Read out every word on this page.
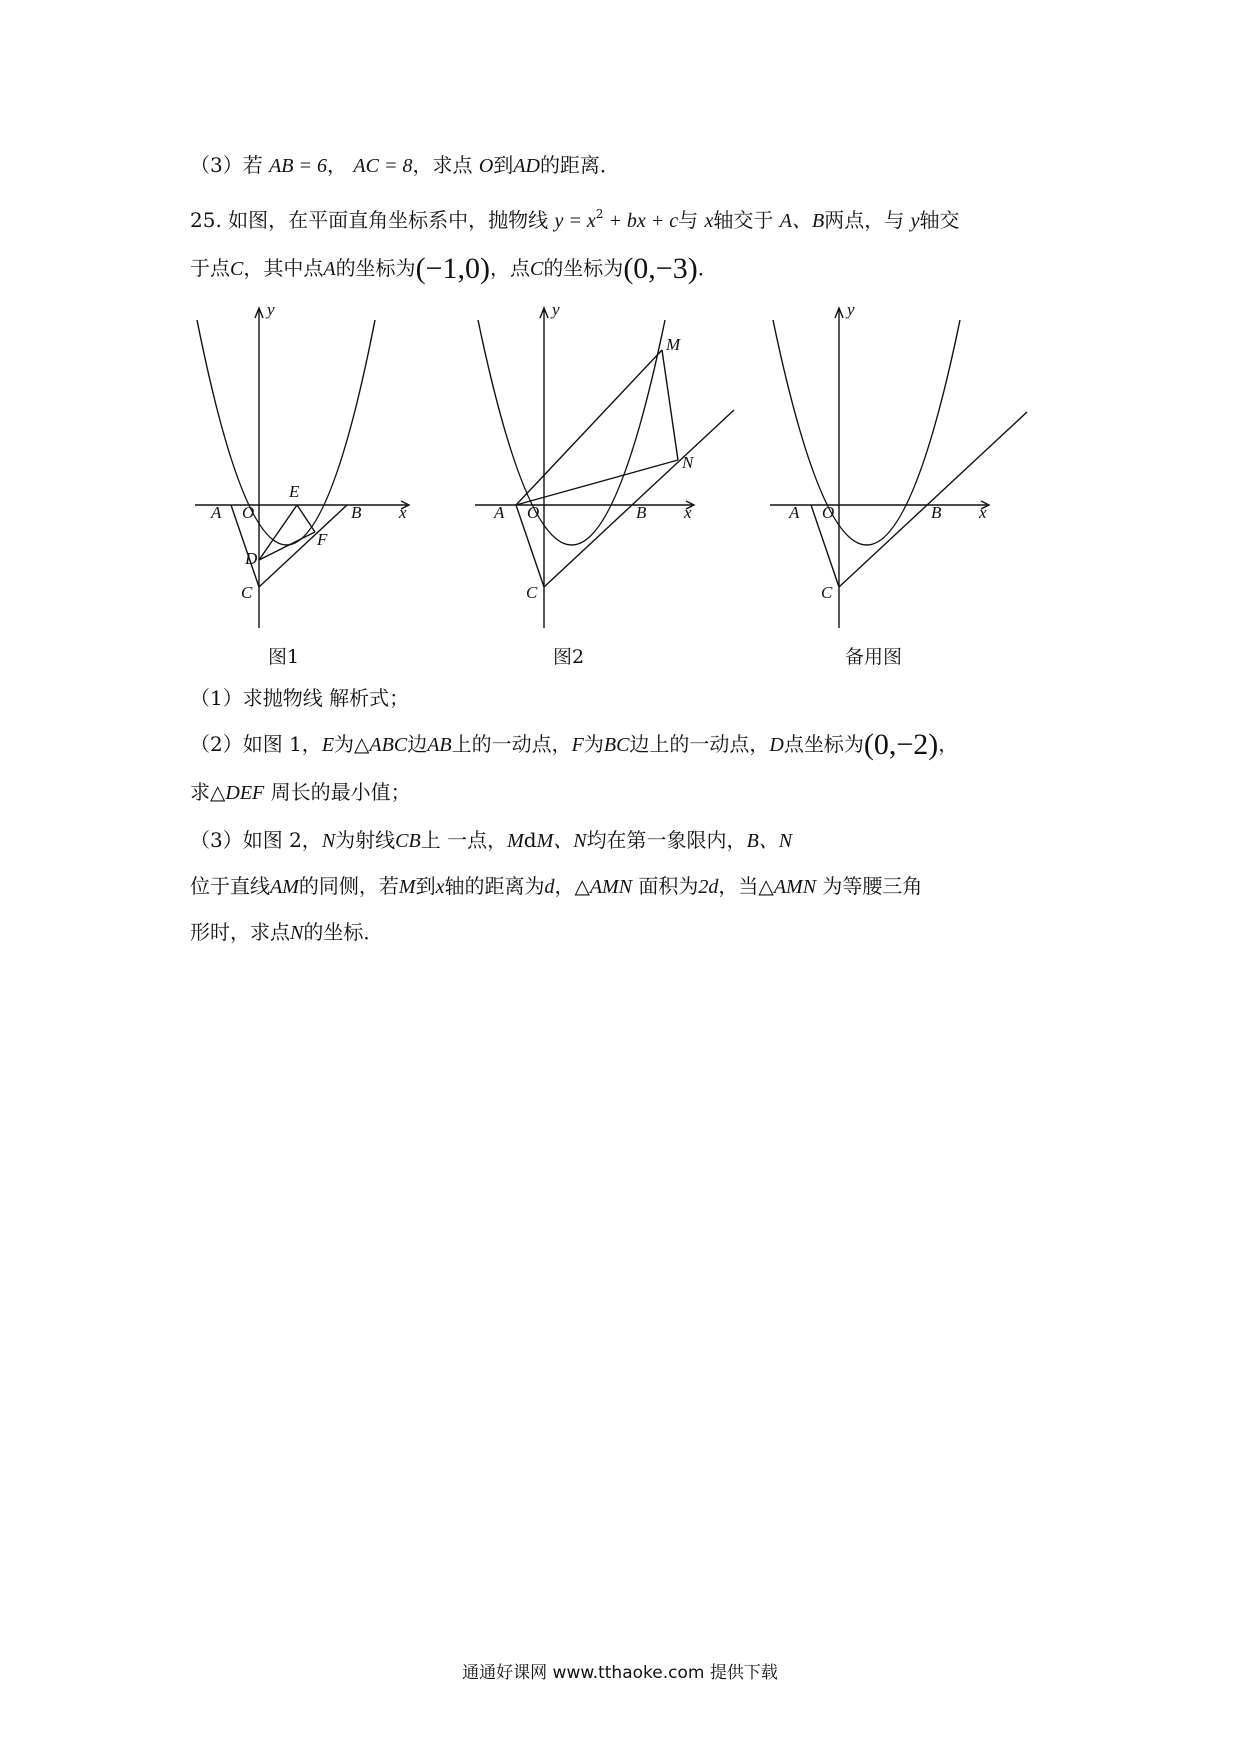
（3）若 AB = 6， AC = 8，求点 O到AD的距离．
25. 如图，在平面直角坐标系中，抛物线 $y = x^2$ + bx + c与 x轴交于 A、B两点，与 y轴交
于点C，其中点A的坐标为(−1,0)，点C的坐标为(0,−3)．
A O	B x
y
C
D
E
F
图1
A O	B x
y
C
M
N
图2
A O	B x
y
C
备用图
（1）求抛物线 解析式；
（2）如图 1，E为△ABC边AB上的一动点，F为BC边上的一动点，D点坐标为(0,−2)，
求△DEF 周长的最小值；
（3）如图 2，N为射线CB上 一点，MdM、N均在第一象限内，B、N
位于直线AM的同侧，若M到x轴的距离为d，△AMN 面积为2d，当△AMN 为等腰三角
形时，求点N的坐标．
通通好课网 www.tthaoke.com 提供下载
